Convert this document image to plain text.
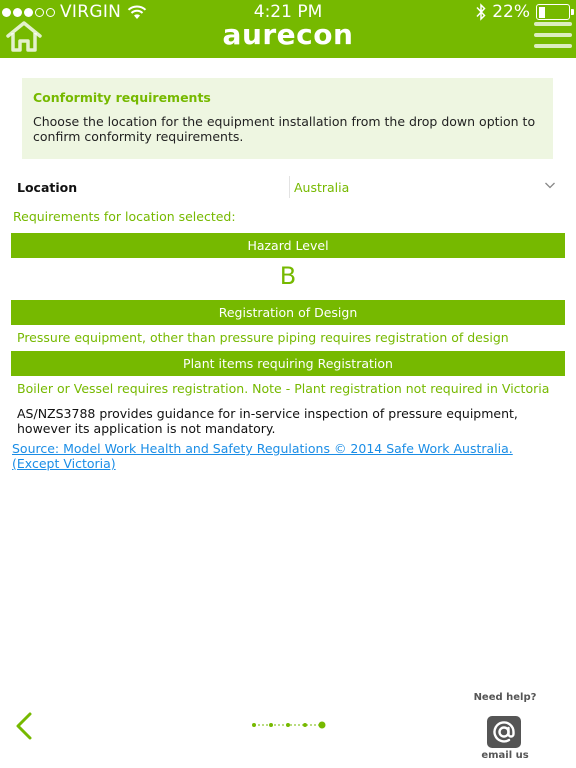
VIRGIN	4:21 PM	22%
aurecon
Conformity requirements
Choose the location for the equipment installation from the drop down option to confirm conformity requirements.
Location	Australia
Requirements for location selected:
Hazard Level
B
Registration of Design
Pressure equipment, other than pressure piping requires registration of design
Plant items requiring Registration
Boiler or Vessel requires registration. Note - Plant registration not required in Victoria
AS/NZS3788 provides guidance for in-service inspection of pressure equipment, however its application is not mandatory.
Source: Model Work Health and Safety Regulations © 2014 Safe Work Australia.
(Except Victoria)
Need help?
email us
